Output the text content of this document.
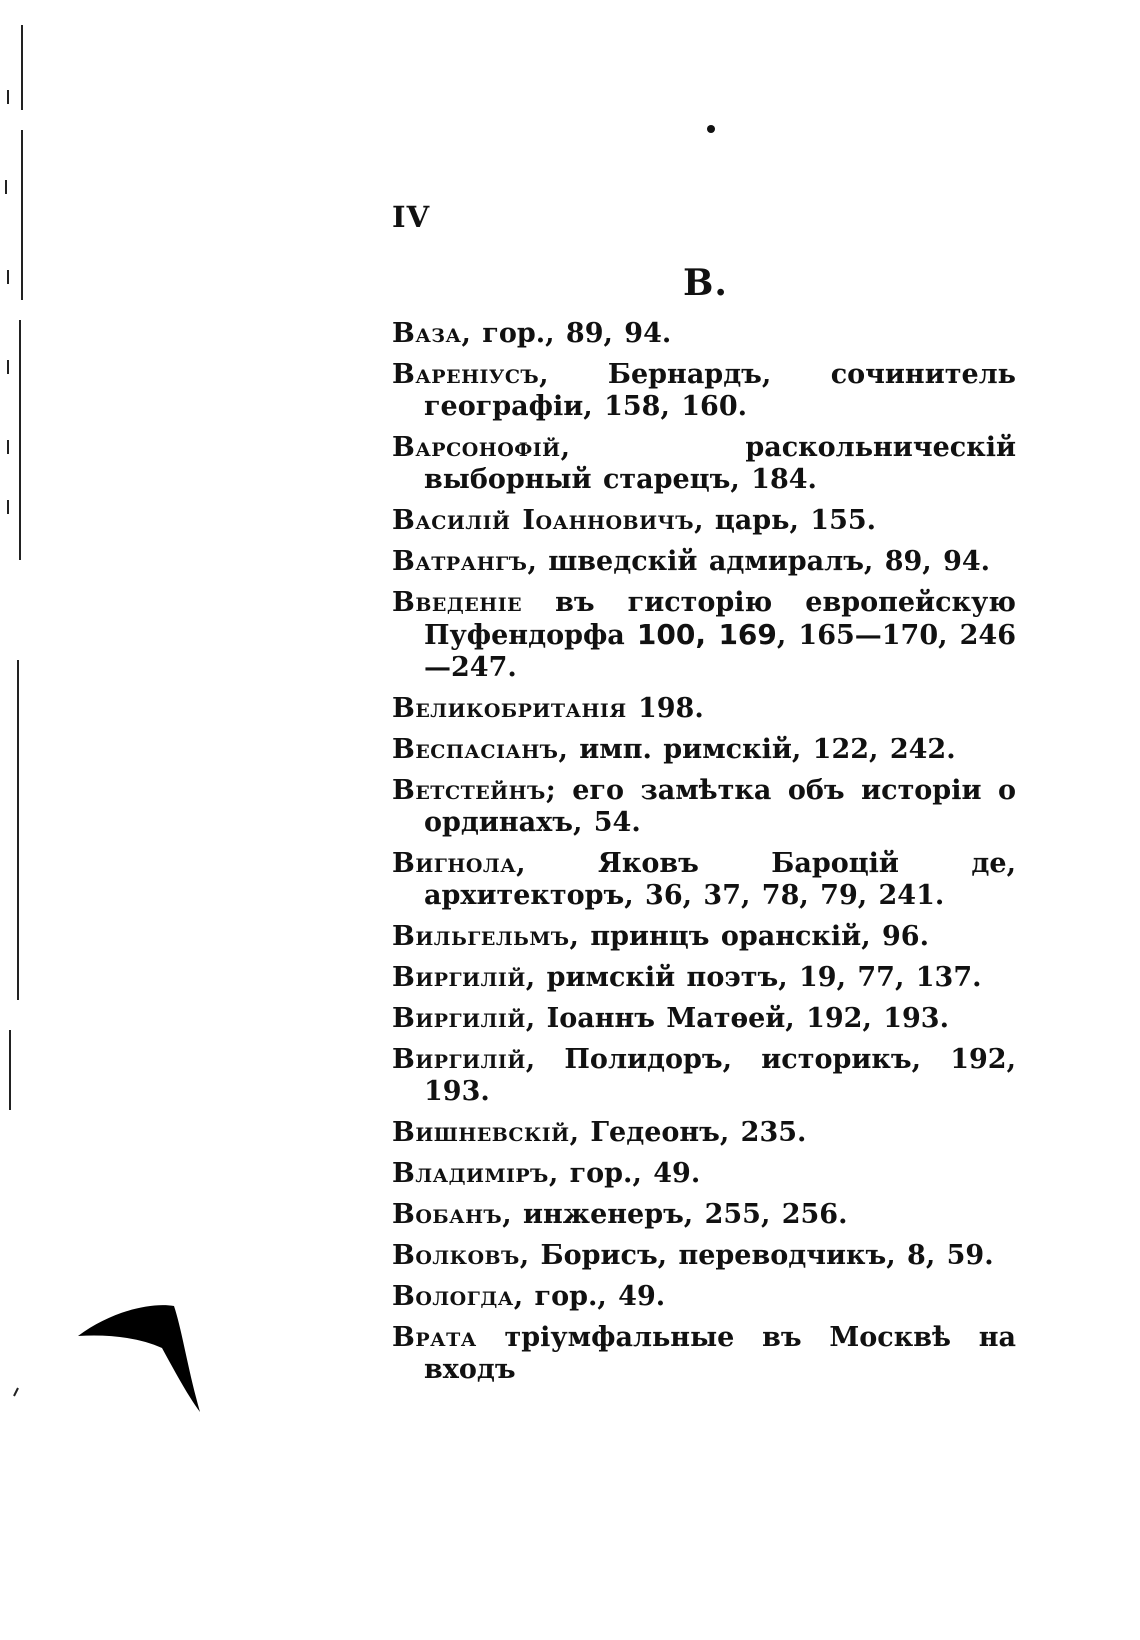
IV
В.
Ваза, гор., 89, 94.
Варенiусъ, Бернардъ, сочинитель географiи, 158, 160.
Варсонофiй, раскольническiй выборный старецъ, 184.
Василiй Iоанновичъ, царь, 155.
Ватрангъ, шведскiй адмиралъ, 89, 94.
Введенiе въ гисторiю европейскую Пуфендорфа 100, 169, 165—170, 246—247.
Великобританiя 198.
Веспасiанъ, имп. римскiй, 122, 242.
Ветстейнъ; его замѣтка объ исторiи о ординахъ, 54.
Вигнола, Яковъ Бароцiй де, архитекторъ, 36, 37, 78, 79, 241.
Вильгельмъ, принцъ оранскiй, 96.
Виргилiй, римскiй поэтъ, 19, 77, 137.
Виргилiй, Iоаннъ Матѳей, 192, 193.
Виргилiй, Полидоръ, историкъ, 192, 193.
Вишневскiй, Гедеонъ, 235.
Владимiръ, гор., 49.
Вобанъ, инженеръ, 255, 256.
Волковъ, Борисъ, переводчикъ, 8, 59.
Вологда, гор., 49.
Врата трiумфальные въ Москвѣ на входъ
